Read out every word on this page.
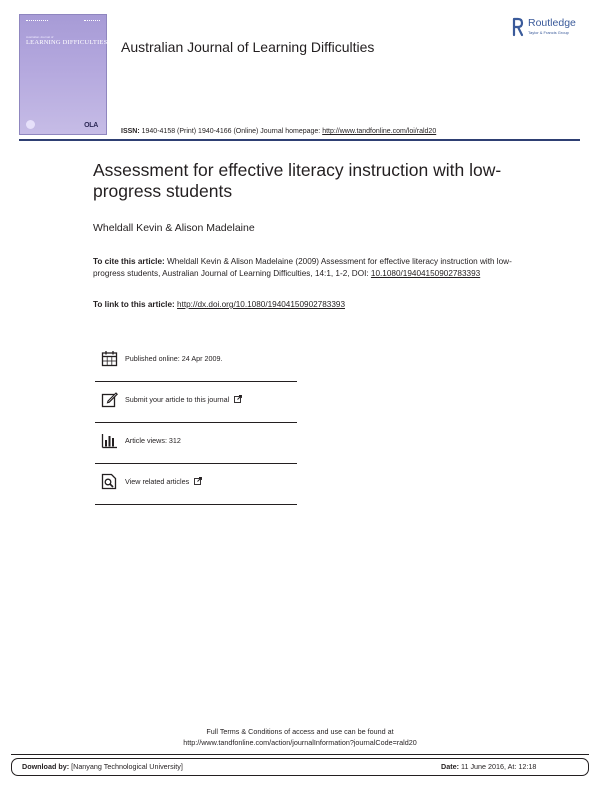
Australian Journal of
LEARNING DIFFICULTIES
OLA
Australian Journal of Learning Difficulties
Routledge
Taylor & Francis Group
ISSN: 1940-4158 (Print) 1940-4166 (Online) Journal homepage: http://www.tandfonline.com/loi/rald20
Assessment for effective literacy instruction with low-progress students
Wheldall Kevin & Alison Madelaine
To cite this article: Wheldall Kevin & Alison Madelaine (2009) Assessment for effective literacy instruction with low-progress students, Australian Journal of Learning Difficulties, 14:1, 1-2, DOI: 10.1080/19404150902783393
To link to this article: http://dx.doi.org/10.1080/19404150902783393
Published online: 24 Apr 2009.
Submit your article to this journal
Article views: 312
View related articles
Full Terms & Conditions of access and use can be found at
http://www.tandfonline.com/action/journalInformation?journalCode=rald20
Download by: [Nanyang Technological University]	Date: 11 June 2016, At: 12:18
